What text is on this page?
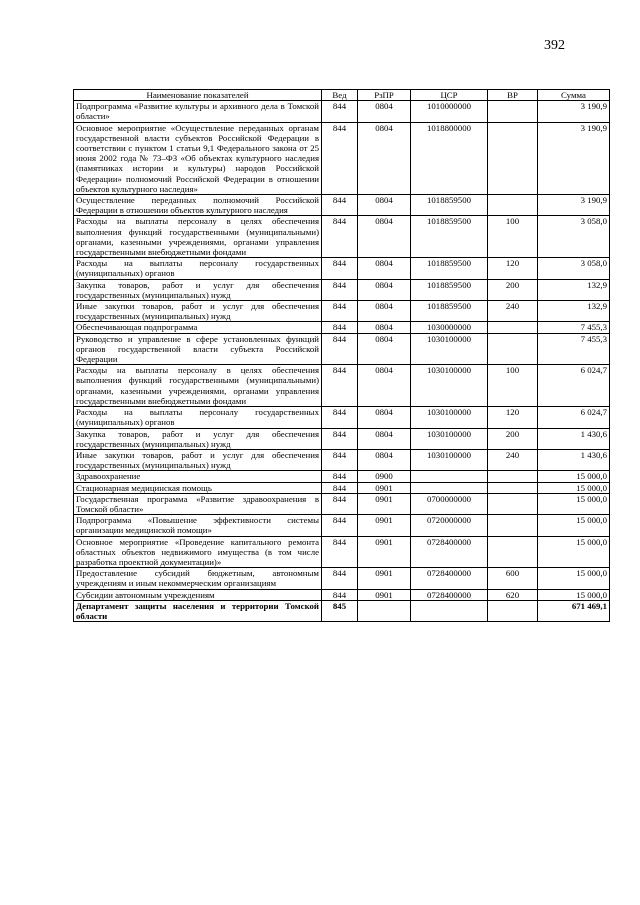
392
Наименование показателей	Вед	РзПР	ЦСР	ВР	Сумма
Подпрограмма «Развитие культуры и архивного дела в Томской области»	844	0804	1010000000		3 190,9
Основное мероприятие «Осуществление переданных органам государственной власти субъектов Российской Федерации в соответствии с пунктом 1 статьи 9,1 Федерального закона от 25 июня 2002 года № 73–ФЗ «Об объектах культурного наследия (памятниках истории и культуры) народов Российской Федерации» полномочий Российской Федерации в отношении объектов культурного наследия»	844	0804	1018800000		3 190,9
Осуществление переданных полномочий Российской Федерации в отношении объектов культурного наследия	844	0804	1018859500		3 190,9
Расходы на выплаты персоналу в целях обеспечения выполнения функций государственными (муниципальными) органами, казенными учреждениями, органами управления государственными внебюджетными фондами	844	0804	1018859500	100	3 058,0
Расходы на выплаты персоналу государственных (муниципальных) органов	844	0804	1018859500	120	3 058,0
Закупка товаров, работ и услуг для обеспечения государственных (муниципальных) нужд	844	0804	1018859500	200	132,9
Иные закупки товаров, работ и услуг для обеспечения государственных (муниципальных) нужд	844	0804	1018859500	240	132,9
Обеспечивающая подпрограмма	844	0804	1030000000		7 455,3
Руководство и управление в сфере установленных функций органов государственной власти субъекта Российской Федерации	844	0804	1030100000		7 455,3
Расходы на выплаты персоналу в целях обеспечения выполнения функций государственными (муниципальными) органами, казенными учреждениями, органами управления государственными внебюджетными фондами	844	0804	1030100000	100	6 024,7
Расходы на выплаты персоналу государственных (муниципальных) органов	844	0804	1030100000	120	6 024,7
Закупка товаров, работ и услуг для обеспечения государственных (муниципальных) нужд	844	0804	1030100000	200	1 430,6
Иные закупки товаров, работ и услуг для обеспечения государственных (муниципальных) нужд	844	0804	1030100000	240	1 430,6
Здравоохранение	844	0900			15 000,0
Стационарная медицинская помощь	844	0901			15 000,0
Государственная программа «Развитие здравоохранения в Томской области»	844	0901	0700000000		15 000,0
Подпрограмма «Повышение эффективности системы организации медицинской помощи»	844	0901	0720000000		15 000,0
Основное мероприятие «Проведение капитального ремонта областных объектов недвижимого имущества (в том числе разработка проектной документации)»	844	0901	0728400000		15 000,0
Предоставление субсидий бюджетным, автономным учреждениям и иным некоммерческим организациям	844	0901	0728400000	600	15 000,0
Субсидии автономным учреждениям	844	0901	0728400000	620	15 000,0
Департамент защиты населения и территории Томской области	845				671 469,1
